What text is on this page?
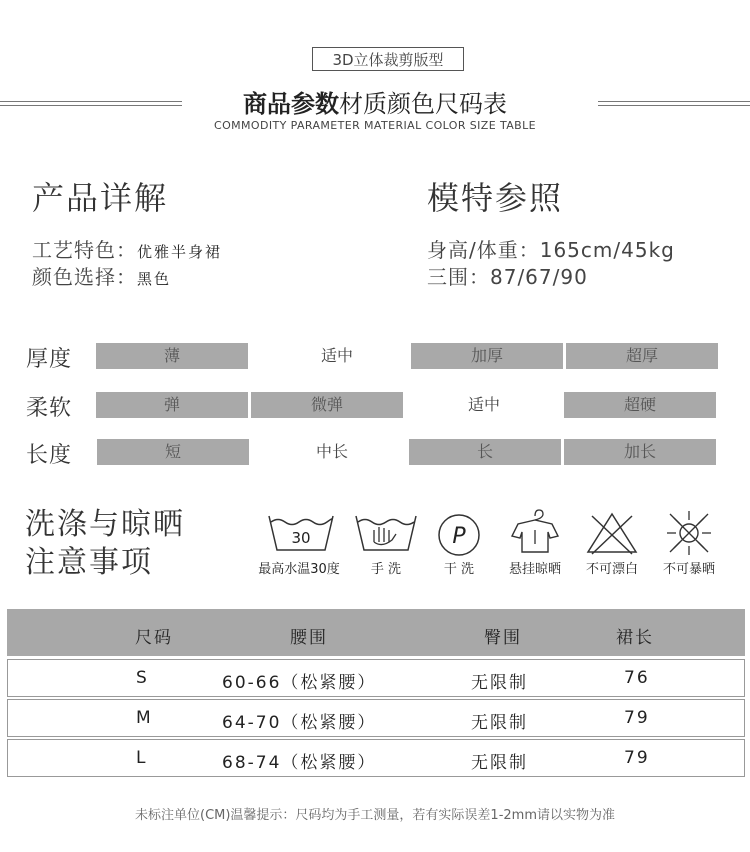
3D立体裁剪版型
商品参数材质颜色尺码表
COMMODITY PARAMETER MATERIAL COLOR SIZE TABLE
产品详解
工艺特色：优雅半身裙
颜色选择：黑色
模特参照
身高/体重：165cm/45kg
三围：87/67/90
厚度	薄	适中	加厚	超厚
柔软	弹	微弹	适中	超硬
长度	短	中长	长	加长
洗涤与晾晒
注意事项
30
最高水温30度	手 洗
P
干 洗	悬挂晾晒	不可漂白	不可暴晒
尺码	腰围	臀围	裙长
S	60-66（松紧腰）	无限制	76
M	64-70（松紧腰）	无限制	79
L	68-74（松紧腰）	无限制	79
未标注单位(CM)温馨提示：尺码均为手工测量，若有实际误差1-2mm请以实物为准
